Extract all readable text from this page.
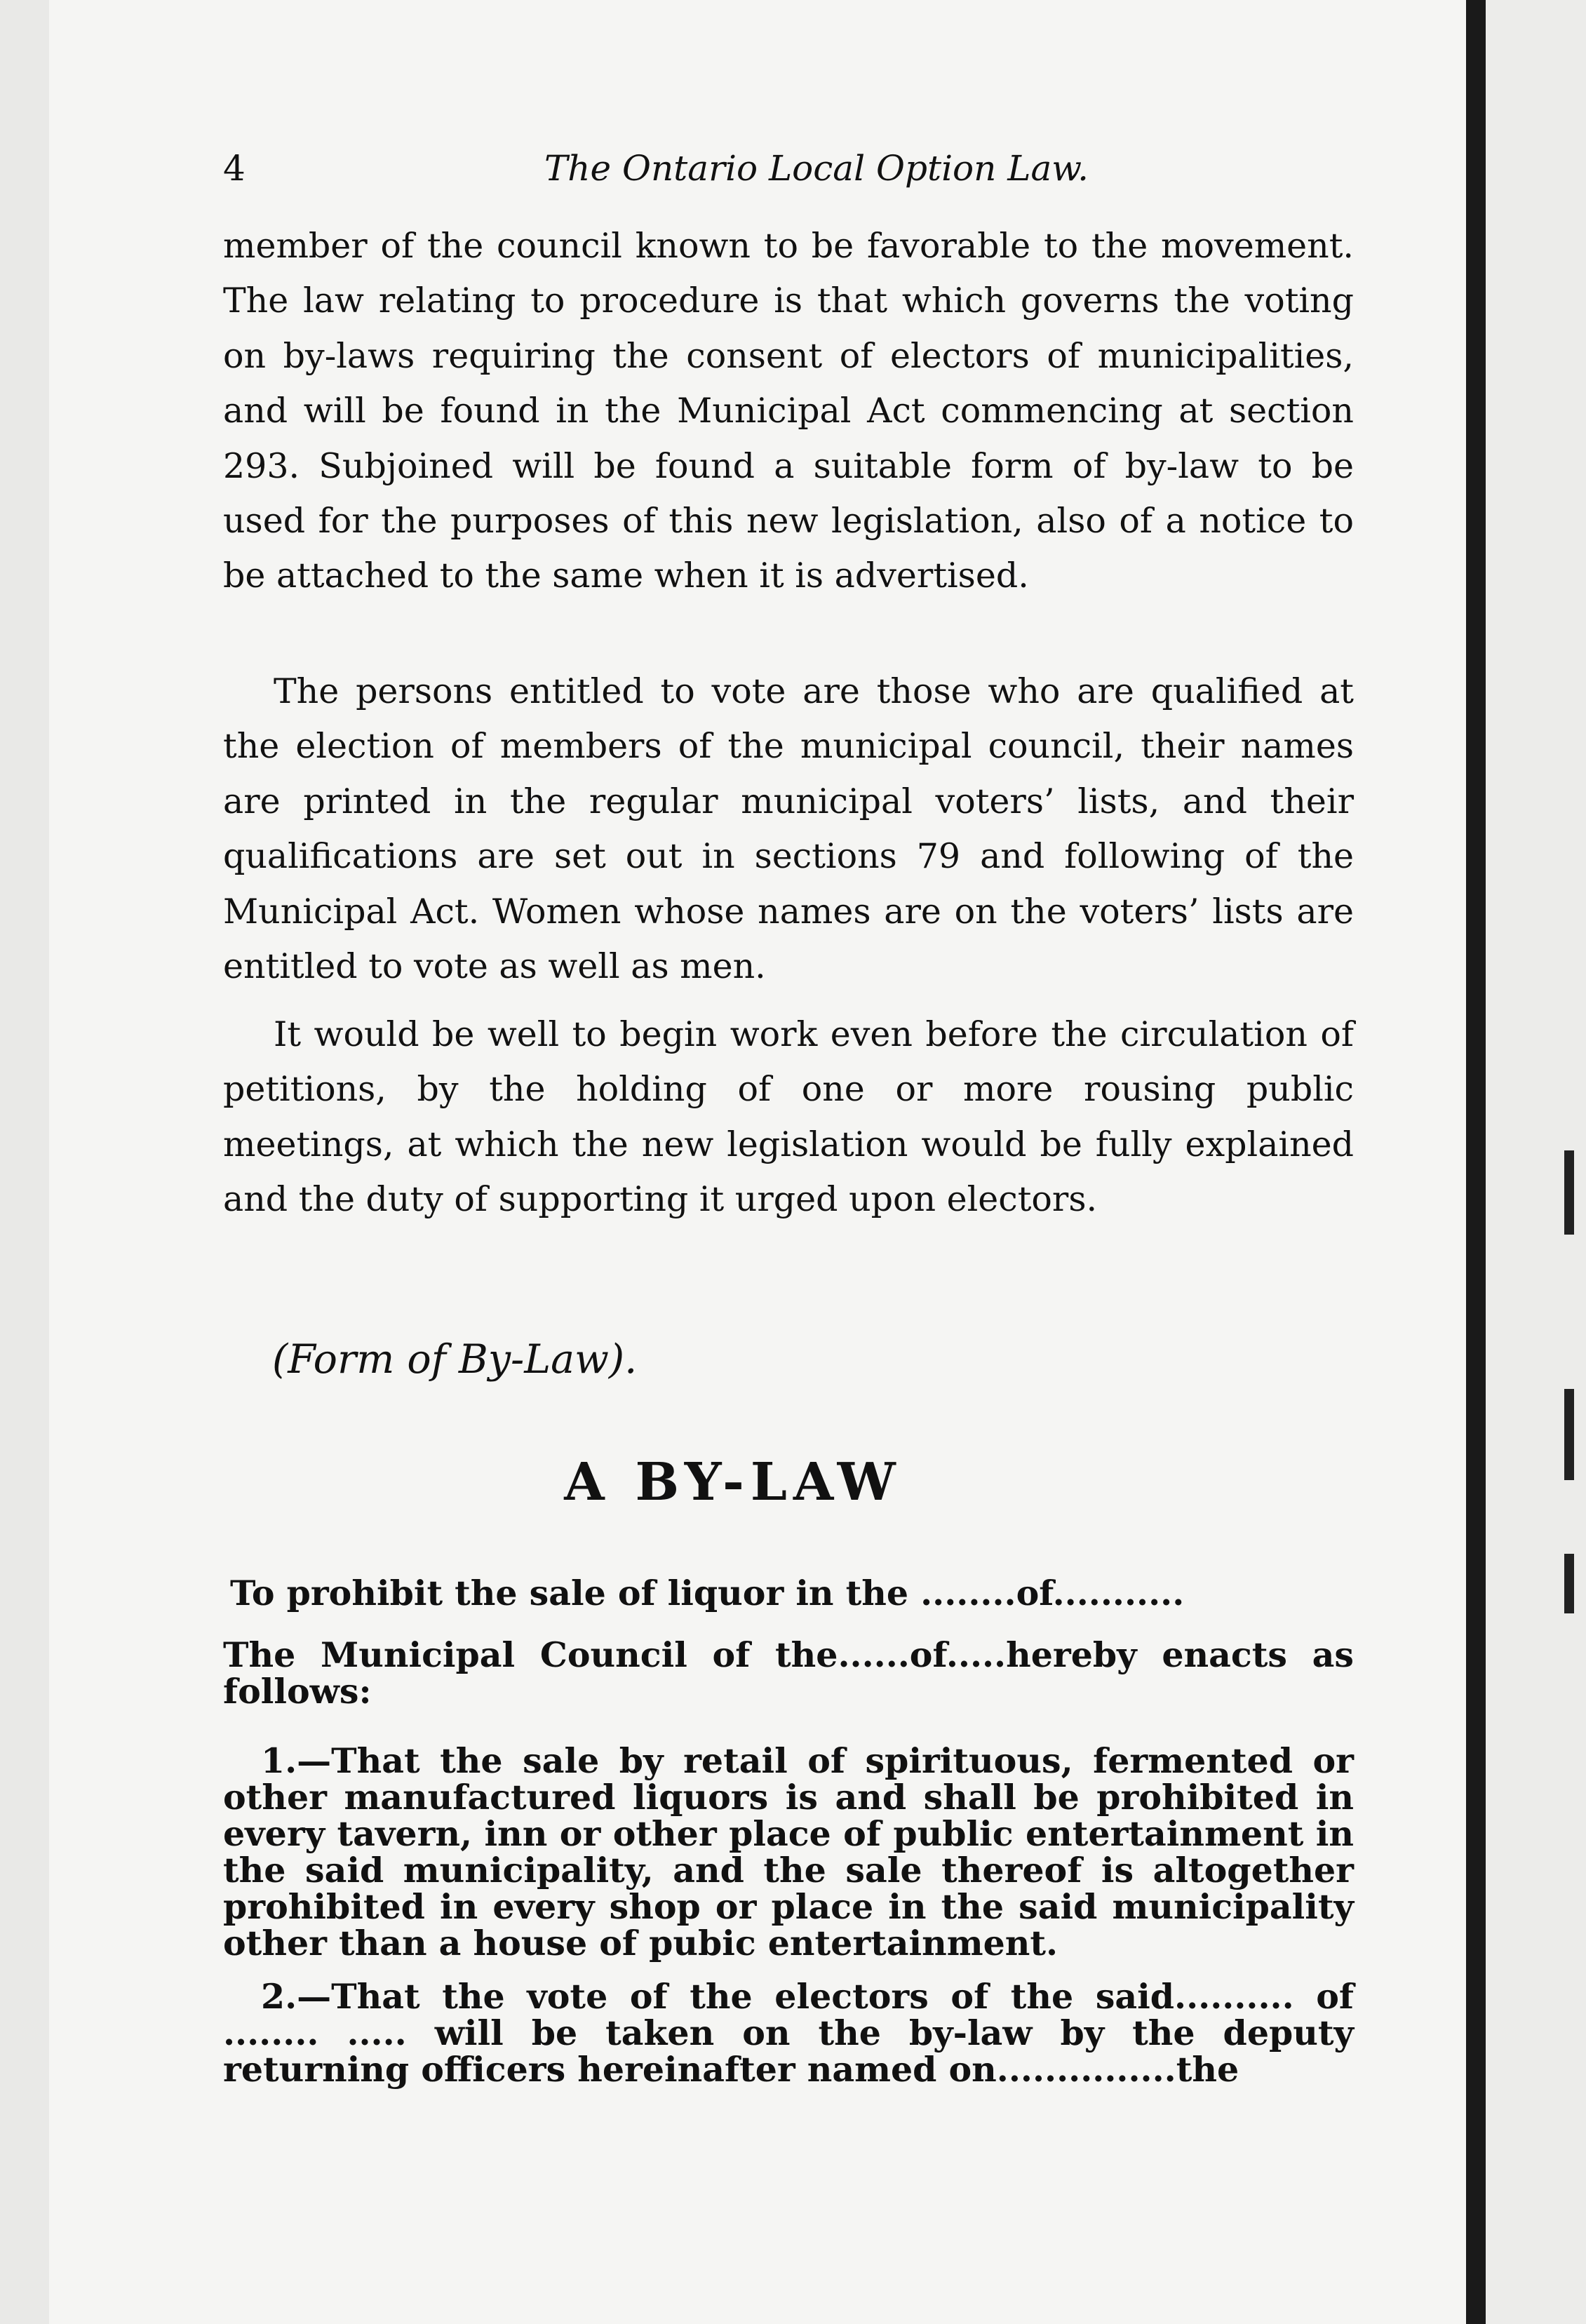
4	The Ontario Local Option Law.

member of the council known to be favorable to the movement. The law relating to procedure is that which governs the voting on by-laws requiring the consent of electors of municipalities, and will be found in the Municipal Act commencing at section 293. Subjoined will be found a suitable form of by-law to be used for the purposes of this new legislation, also of a notice to be attached to the same when it is advertised.

The persons entitled to vote are those who are qualified at the election of members of the municipal council, their names are printed in the regular municipal voters’ lists, and their qualifications are set out in sections 79 and following of the Municipal Act. Women whose names are on the voters’ lists are entitled to vote as well as men.

It would be well to begin work even before the circulation of petitions, by the holding of one or more rousing public meetings, at which the new legislation would be fully explained and the duty of supporting it urged upon electors.

(Form of By-Law).

A BY-LAW

To prohibit the sale of liquor in the ........of...........

The Municipal Council of the......of.....hereby enacts as follows:

1.—That the sale by retail of spirituous, fermented or other manufactured liquors is and shall be prohibited in every tavern, inn or other place of public entertainment in the said municipality, and the sale thereof is altogether prohibited in every shop or place in the said municipality other than a house of pubic entertainment.

2.—That the vote of the electors of the said.......... of ........ ..... will be taken on the by-law by the deputy returning officers hereinafter named on...............the
